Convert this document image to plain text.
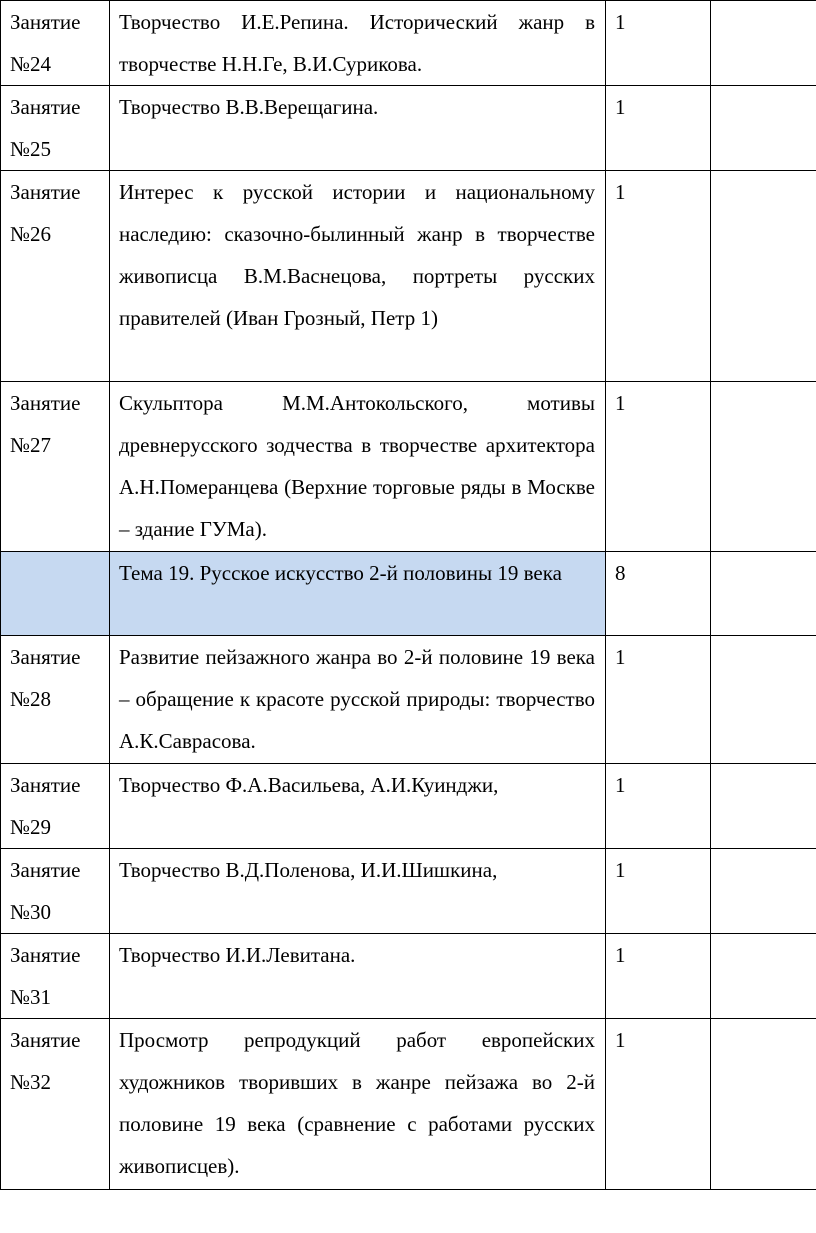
Занятие
№24	Творчество И.Е.Репина. Исторический жанр в творчестве Н.Н.Ге, В.И.Сурикова.	1	

Занятие
№25	Творчество В.В.Верещагина.	1	

Занятие
№26	Интерес к русской истории и национальному наследию: сказочно-былинный жанр в творчестве живописца В.М.Васнецова, портреты русских правителей (Иван Грозный, Петр 1)	1	

Занятие
№27	Скульптора М.М.Антокольского, мотивы древнерусского зодчества в творчестве архитектора А.Н.Померанцева (Верхние торговые ряды в Москве – здание ГУМа).	1	

	Тема 19. Русское искусство 2-й половины 19 века	8	

Занятие
№28	Развитие пейзажного жанра во 2-й половине 19 века – обращение к красоте русской природы: творчество А.К.Саврасова.	1	

Занятие
№29	Творчество Ф.А.Васильева, А.И.Куинджи,	1	

Занятие
№30	Творчество В.Д.Поленова, И.И.Шишкина,	1	

Занятие
№31	Творчество И.И.Левитана.	1	

Занятие
№32	Просмотр репродукций работ европейских художников творивших в жанре пейзажа во 2-й половине 19 века (сравнение с работами русских живописцев).	1	
